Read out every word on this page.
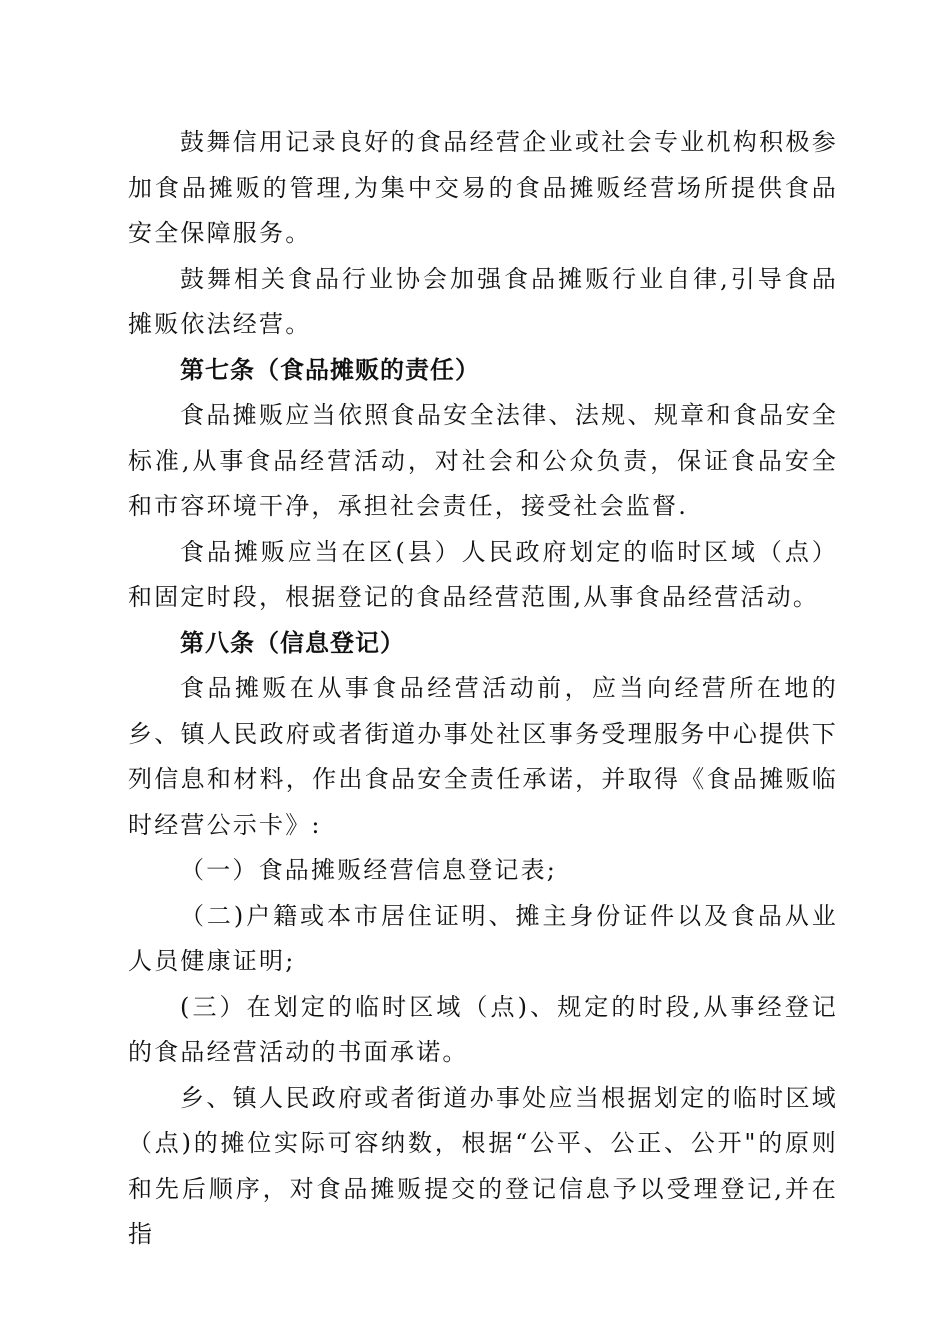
鼓舞信用记录良好的食品经营企业或社会专业机构积极参加食品摊贩的管理,为集中交易的食品摊贩经营场所提供食品安全保障服务。

鼓舞相关食品行业协会加强食品摊贩行业自律,引导食品摊贩依法经营。

第七条（食品摊贩的责任）

食品摊贩应当依照食品安全法律、法规、规章和食品安全标准,从事食品经营活动，对社会和公众负责，保证食品安全和市容环境干净，承担社会责任，接受社会监督.

食品摊贩应当在区(县）人民政府划定的临时区域（点）和固定时段，根据登记的食品经营范围,从事食品经营活动。

第八条（信息登记）

食品摊贩在从事食品经营活动前，应当向经营所在地的乡、镇人民政府或者街道办事处社区事务受理服务中心提供下列信息和材料，作出食品安全责任承诺，并取得《食品摊贩临时经营公示卡》:

（一）食品摊贩经营信息登记表;

（二)户籍或本市居住证明、摊主身份证件以及食品从业人员健康证明;

(三）在划定的临时区域（点)、规定的时段,从事经登记的食品经营活动的书面承诺。

乡、镇人民政府或者街道办事处应当根据划定的临时区域（点)的摊位实际可容纳数，根据“公平、公正、公开"的原则和先后顺序，对食品摊贩提交的登记信息予以受理登记,并在指
